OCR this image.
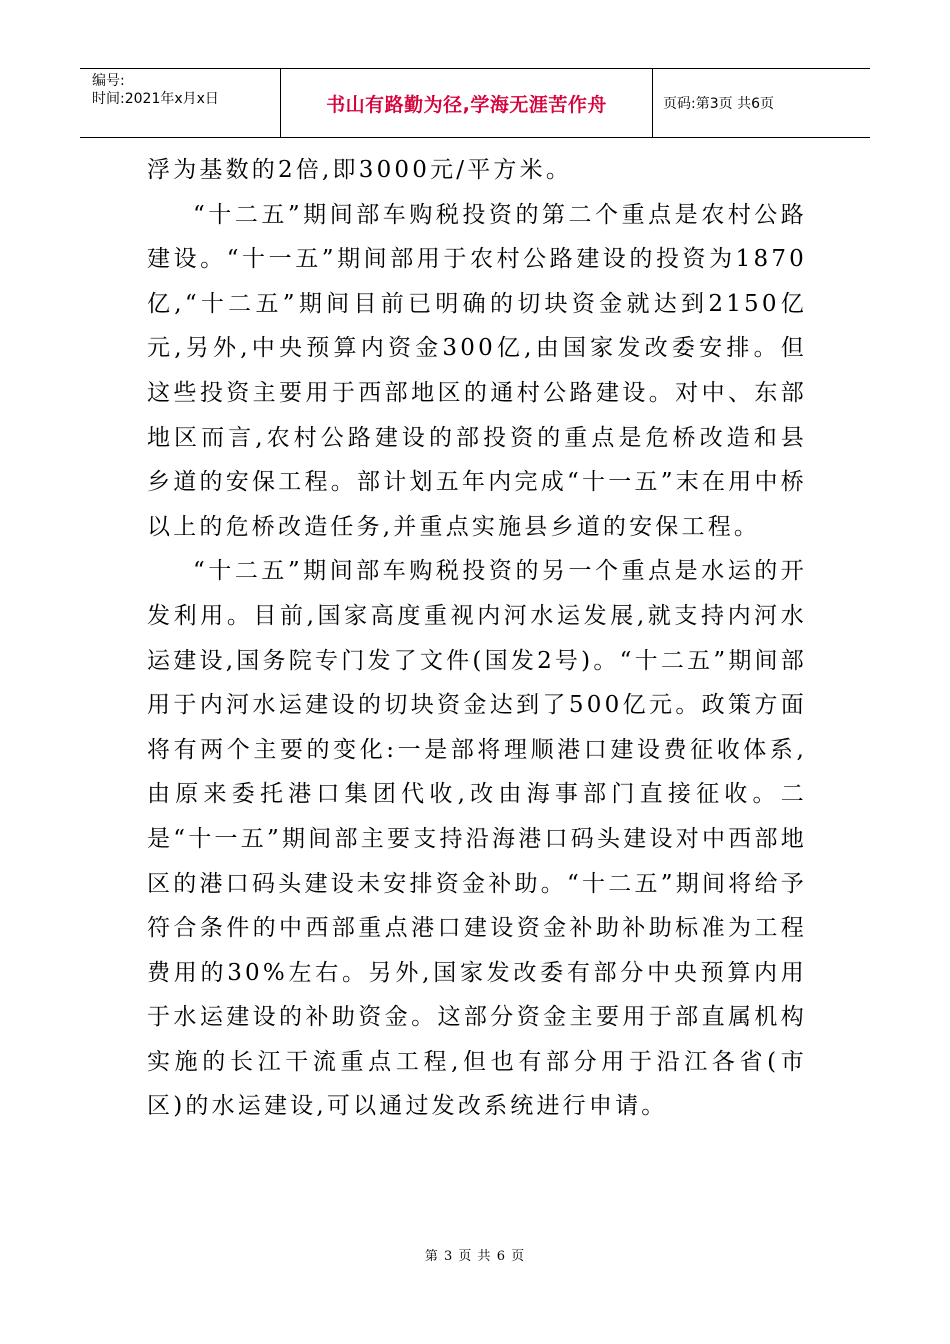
编号:
时间:2021年x月x日	书山有路勤为径,学海无涯苦作舟	页码:第3页 共6页

浮为基数的2倍,即3000元/平方米。

“十二五”期间部车购税投资的第二个重点是农村公路建设。“十一五”期间部用于农村公路建设的投资为1870亿,“十二五”期间目前已明确的切块资金就达到2150亿元,另外,中央预算内资金300亿,由国家发改委安排。但这些投资主要用于西部地区的通村公路建设。对中、东部地区而言,农村公路建设的部投资的重点是危桥改造和县乡道的安保工程。部计划五年内完成“十一五”末在用中桥以上的危桥改造任务,并重点实施县乡道的安保工程。

“十二五”期间部车购税投资的另一个重点是水运的开发利用。目前,国家高度重视内河水运发展,就支持内河水运建设,国务院专门发了文件(国发2号)。“十二五”期间部用于内河水运建设的切块资金达到了500亿元。政策方面将有两个主要的变化:一是部将理顺港口建设费征收体系,由原来委托港口集团代收,改由海事部门直接征收。二是“十一五”期间部主要支持沿海港口码头建设对中西部地区的港口码头建设未安排资金补助。“十二五”期间将给予符合条件的中西部重点港口建设资金补助补助标准为工程费用的30%左右。另外,国家发改委有部分中央预算内用于水运建设的补助资金。这部分资金主要用于部直属机构实施的长江干流重点工程,但也有部分用于沿江各省(市区)的水运建设,可以通过发改系统进行申请。

第 3 页 共 6 页
